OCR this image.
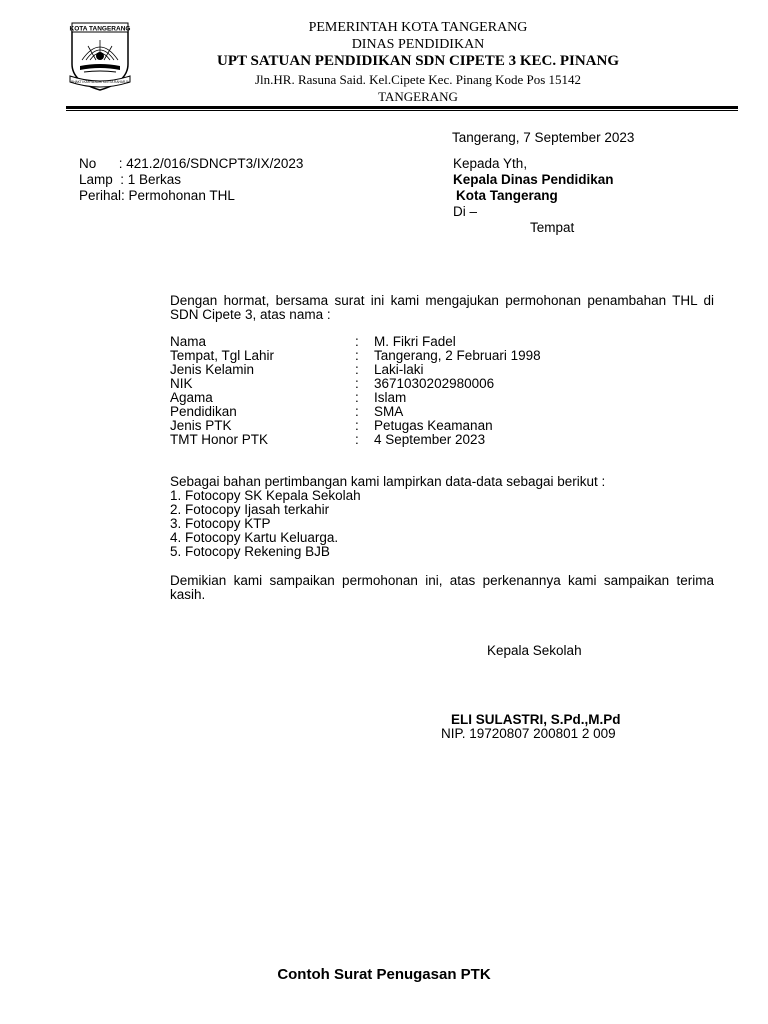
KOTA TANGERANG
BHAKTI KARYA ADHI KERTA RAHARJA
PEMERINTAH KOTA TANGERANG
DINAS PENDIDIKAN
UPT SATUAN PENDIDIKAN SDN CIPETE 3 KEC. PINANG
Jln.HR. Rasuna Said. Kel.Cipete Kec. Pinang Kode Pos 15142
TANGERANG
Tangerang, 7 September 2023
No      : 421.2/016/SDNCPT3/IX/2023
Lamp  : 1 Berkas
Perihal: Permohonan THL
Kepada Yth,
Kepala Dinas Pendidikan
Kota Tangerang
Di –
Tempat
Dengan hormat, bersama surat ini kami mengajukan permohonan penambahan THL di SDN Cipete 3, atas nama :
Nama	: M. Fikri Fadel
Tempat, Tgl Lahir	: Tangerang, 2 Februari 1998
Jenis Kelamin	: Laki-laki
NIK	: 3671030202980006
Agama	: Islam
Pendidikan	: SMA
Jenis PTK	: Petugas Keamanan
TMT Honor PTK	: 4 September 2023
Sebagai bahan pertimbangan kami lampirkan data-data sebagai berikut :
1. Fotocopy SK Kepala Sekolah
2. Fotocopy Ijasah terkahir
3. Fotocopy KTP
4. Fotocopy Kartu Keluarga.
5. Fotocopy Rekening BJB
Demikian kami sampaikan permohonan ini, atas perkenannya kami sampaikan terima kasih.
Kepala Sekolah
ELI SULASTRI, S.Pd.,M.Pd
NIP. 19720807 200801 2 009
Contoh Surat Penugasan PTK
